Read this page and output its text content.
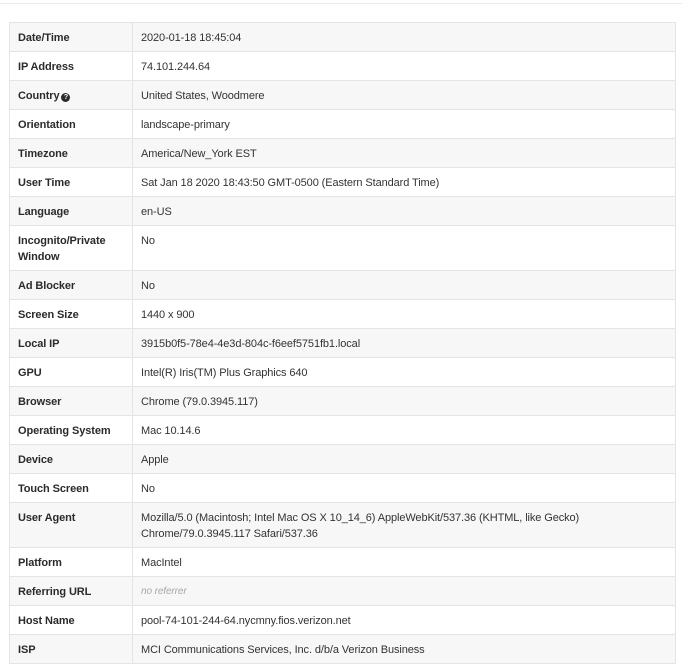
Date/Time	2020-01-18 18:45:04
IP Address	74.101.244.64
Country ?	United States, Woodmere
Orientation	landscape-primary
Timezone	America/New_York EST
User Time	Sat Jan 18 2020 18:43:50 GMT-0500 (Eastern Standard Time)
Language	en-US
Incognito/Private Window	No
Ad Blocker	No
Screen Size	1440 x 900
Local IP	3915b0f5-78e4-4e3d-804c-f6eef5751fb1.local
GPU	Intel(R) Iris(TM) Plus Graphics 640
Browser	Chrome (79.0.3945.117)
Operating System	Mac 10.14.6
Device	Apple
Touch Screen	No
User Agent	Mozilla/5.0 (Macintosh; Intel Mac OS X 10_14_6) AppleWebKit/537.36 (KHTML, like Gecko) Chrome/79.0.3945.117 Safari/537.36
Platform	MacIntel
Referring URL	no referrer
Host Name	pool-74-101-244-64.nycmny.fios.verizon.net
ISP	MCI Communications Services, Inc. d/b/a Verizon Business
